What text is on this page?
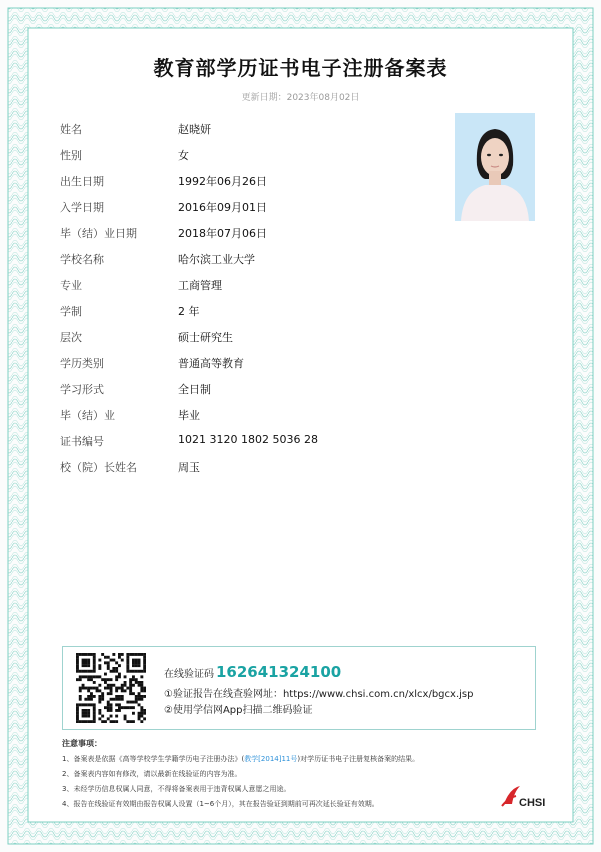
教育部学历证书电子注册备案表
更新日期：2023年08月02日
姓名	赵晓妍
性别	女
出生日期	1992年06月26日
入学日期	2016年09月01日
毕（结）业日期	2018年07月06日
学校名称	哈尔滨工业大学
专业	工商管理
学制	2 年
层次	硕士研究生
学历类别	普通高等教育
学习形式	全日制
毕（结）业	毕业
证书编号	1021 3120 1802 5036 28
校（院）长姓名	周玉
在线验证码 162641324100
①验证报告在线查验网址：https://www.chsi.com.cn/xlcx/bgcx.jsp
②使用学信网App扫描二维码验证
注意事项：
1、备案表是依据《高等学校学生学籍学历电子注册办法》(教学[2014]11号)对学历证书电子注册复核备案的结果。
2、备案表内容如有修改，请以最新在线验证的内容为准。
3、未经学历信息权属人同意，不得将备案表用于违背权属人意愿之用途。
4、报告在线验证有效期由报告权属人设置（1~6个月），其在报告验证到期前可再次延长验证有效期。	CHSI
